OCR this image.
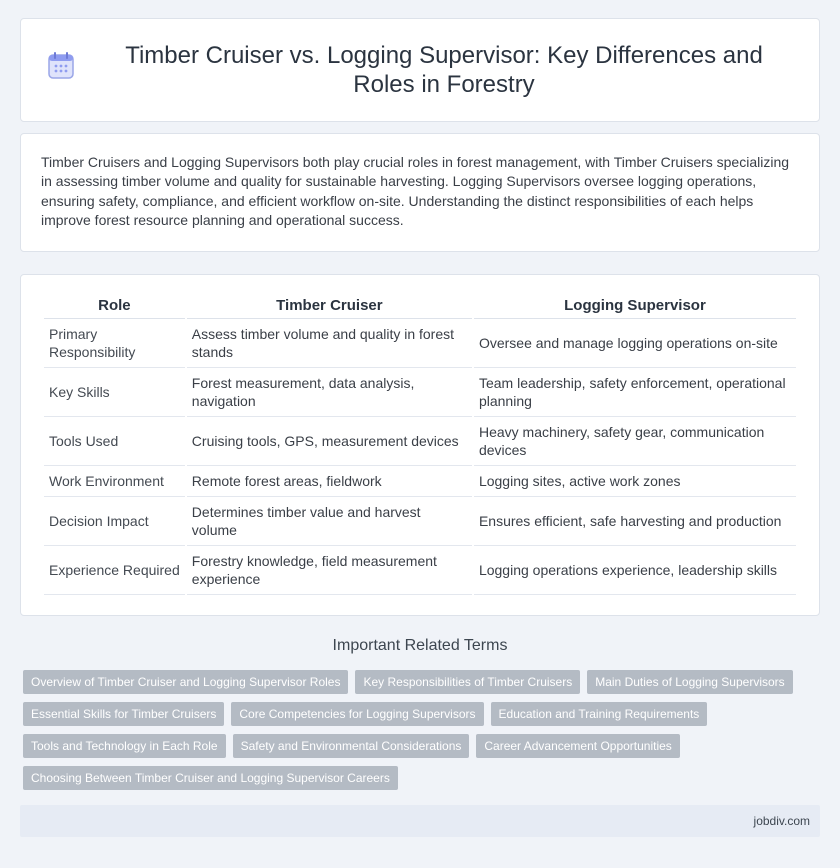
Timber Cruiser vs. Logging Supervisor: Key Differences and Roles in Forestry

Timber Cruisers and Logging Supervisors both play crucial roles in forest management, with Timber Cruisers specializing in assessing timber volume and quality for sustainable harvesting. Logging Supervisors oversee logging operations, ensuring safety, compliance, and efficient workflow on-site. Understanding the distinct responsibilities of each helps improve forest resource planning and operational success.

Role	Timber Cruiser	Logging Supervisor
Primary Responsibility	Assess timber volume and quality in forest stands	Oversee and manage logging operations on-site
Key Skills	Forest measurement, data analysis, navigation	Team leadership, safety enforcement, operational planning
Tools Used	Cruising tools, GPS, measurement devices	Heavy machinery, safety gear, communication devices
Work Environment	Remote forest areas, fieldwork	Logging sites, active work zones
Decision Impact	Determines timber value and harvest volume	Ensures efficient, safe harvesting and production
Experience Required	Forestry knowledge, field measurement experience	Logging operations experience, leadership skills
Important Related Terms
Overview of Timber Cruiser and Logging Supervisor Roles	Key Responsibilities of Timber Cruisers	Main Duties of Logging Supervisors
Essential Skills for Timber Cruisers	Core Competencies for Logging Supervisors	Education and Training Requirements
Tools and Technology in Each Role	Safety and Environmental Considerations	Career Advancement Opportunities
Choosing Between Timber Cruiser and Logging Supervisor Careers
jobdiv.com
